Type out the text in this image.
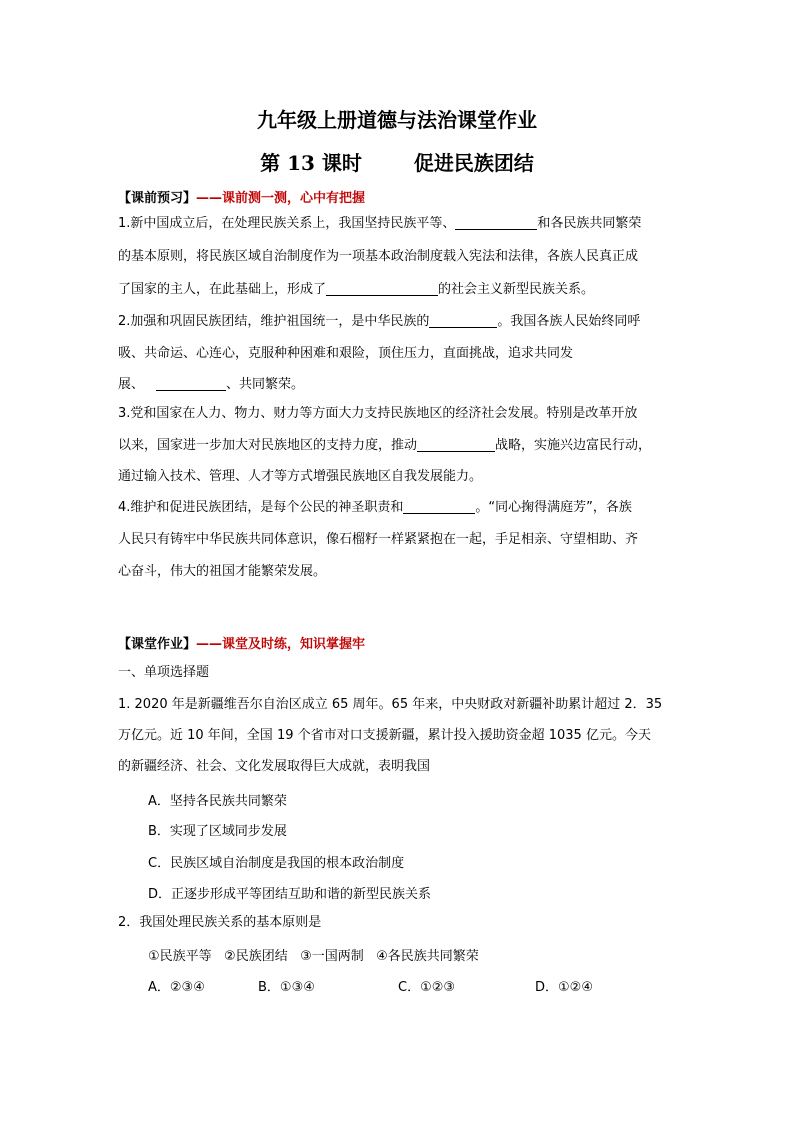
九年级上册道德与法治课堂作业
第 13 课时	促进民族团结
【课前预习】——课前测一测，心中有把握
1.新中国成立后，在处理民族关系上，我国坚持民族平等、	和各民族共同繁荣
的基本原则，将民族区域自治制度作为一项基本政治制度载入宪法和法律，各族人民真正成
了国家的主人，在此基础上，形成了	的社会主义新型民族关系。
2.加强和巩固民族团结，维护祖国统一，是中华民族的	。我国各族人民始终同呼
吸、共命运、心连心，克服种种困难和艰险，顶住压力，直面挑战，追求共同发
展、	、共同繁荣。
3.党和国家在人力、物力、财力等方面大力支持民族地区的经济社会发展。特别是改革开放
以来，国家进一步加大对民族地区的支持力度，推动	战略，实施兴边富民行动，
通过输入技术、管理、人才等方式增强民族地区自我发展能力。
4.维护和促进民族团结，是每个公民的神圣职责和	。“同心掬得满庭芳”，各族
人民只有铸牢中华民族共同体意识，像石榴籽一样紧紧抱在一起，手足相亲、守望相助、齐
心奋斗，伟大的祖国才能繁荣发展。
【课堂作业】——课堂及时练，知识掌握牢
一、单项选择题
1. 2020 年是新疆维吾尔自治区成立 65 周年。65 年来，中央财政对新疆补助累计超过 2．35
万亿元。近 10 年间，全国 19 个省市对口支援新疆，累计投入援助资金超 1035 亿元。今天
的新疆经济、社会、文化发展取得巨大成就，表明我国
A．坚持各民族共同繁荣
B．实现了区域同步发展
C．民族区域自治制度是我国的根本政治制度
D．正逐步形成平等团结互助和谐的新型民族关系
2．我国处理民族关系的基本原则是
①民族平等   ②民族团结   ③一国两制   ④各民族共同繁荣
A．②③④	B．①③④	C．①②③	D．①②④
